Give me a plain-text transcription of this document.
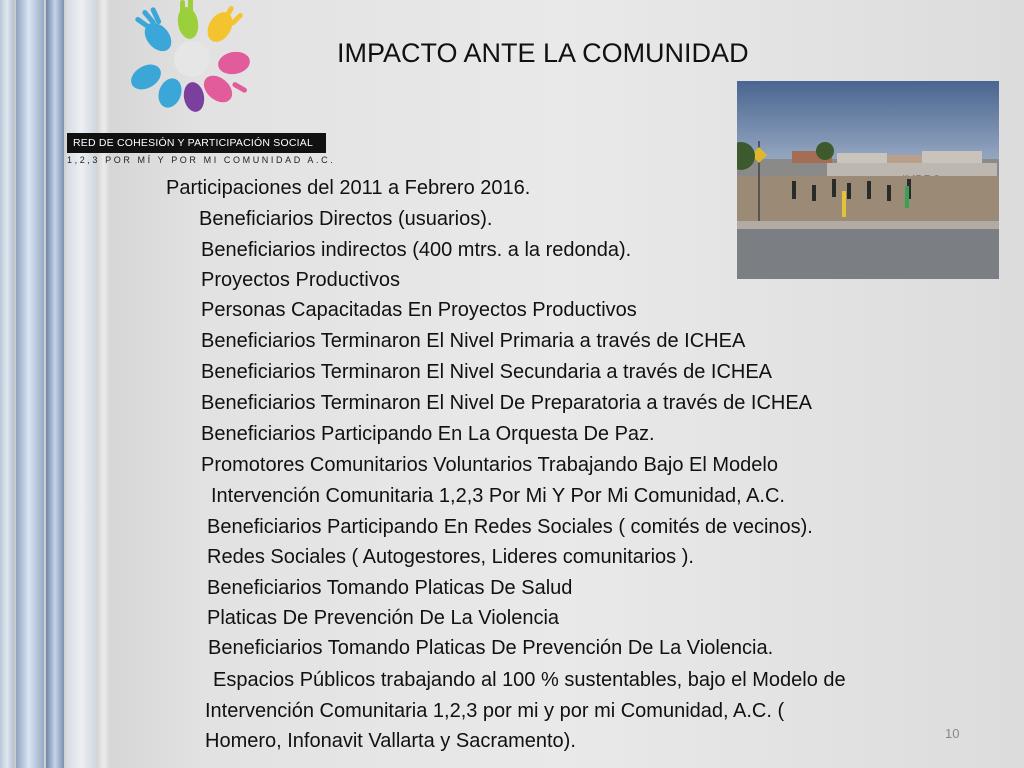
RED DE COHESIÓN Y PARTICIPACIÓN SOCIAL
1,2,3 POR MÍ Y POR MI COMUNIDAD A.C.
IMPACTO ANTE LA COMUNIDAD
Participaciones del 2011 a Febrero 2016.
Beneficiarios Directos (usuarios).
Beneficiarios indirectos (400 mtrs. a la redonda).
Proyectos Productivos
Personas Capacitadas En Proyectos Productivos
Beneficiarios Terminaron El Nivel Primaria a través de ICHEA
Beneficiarios Terminaron El Nivel Secundaria a través de ICHEA
Beneficiarios Terminaron El Nivel De Preparatoria a través de ICHEA
Beneficiarios Participando En La Orquesta De Paz.
Promotores Comunitarios Voluntarios Trabajando Bajo El Modelo
Intervención Comunitaria 1,2,3 Por Mi Y Por Mi Comunidad, A.C.
Beneficiarios Participando En Redes Sociales ( comités de vecinos).
Redes Sociales ( Autogestores, Lideres comunitarios ).
Beneficiarios Tomando Platicas De Salud
Platicas De Prevención De La Violencia
Beneficiarios Tomando Platicas De Prevención De La Violencia.
Espacios Públicos trabajando al 100 % sustentables, bajo el Modelo de
Intervención Comunitaria 1,2,3 por mi y por mi Comunidad, A.C. (
Homero, Infonavit Vallarta y Sacramento).	10
